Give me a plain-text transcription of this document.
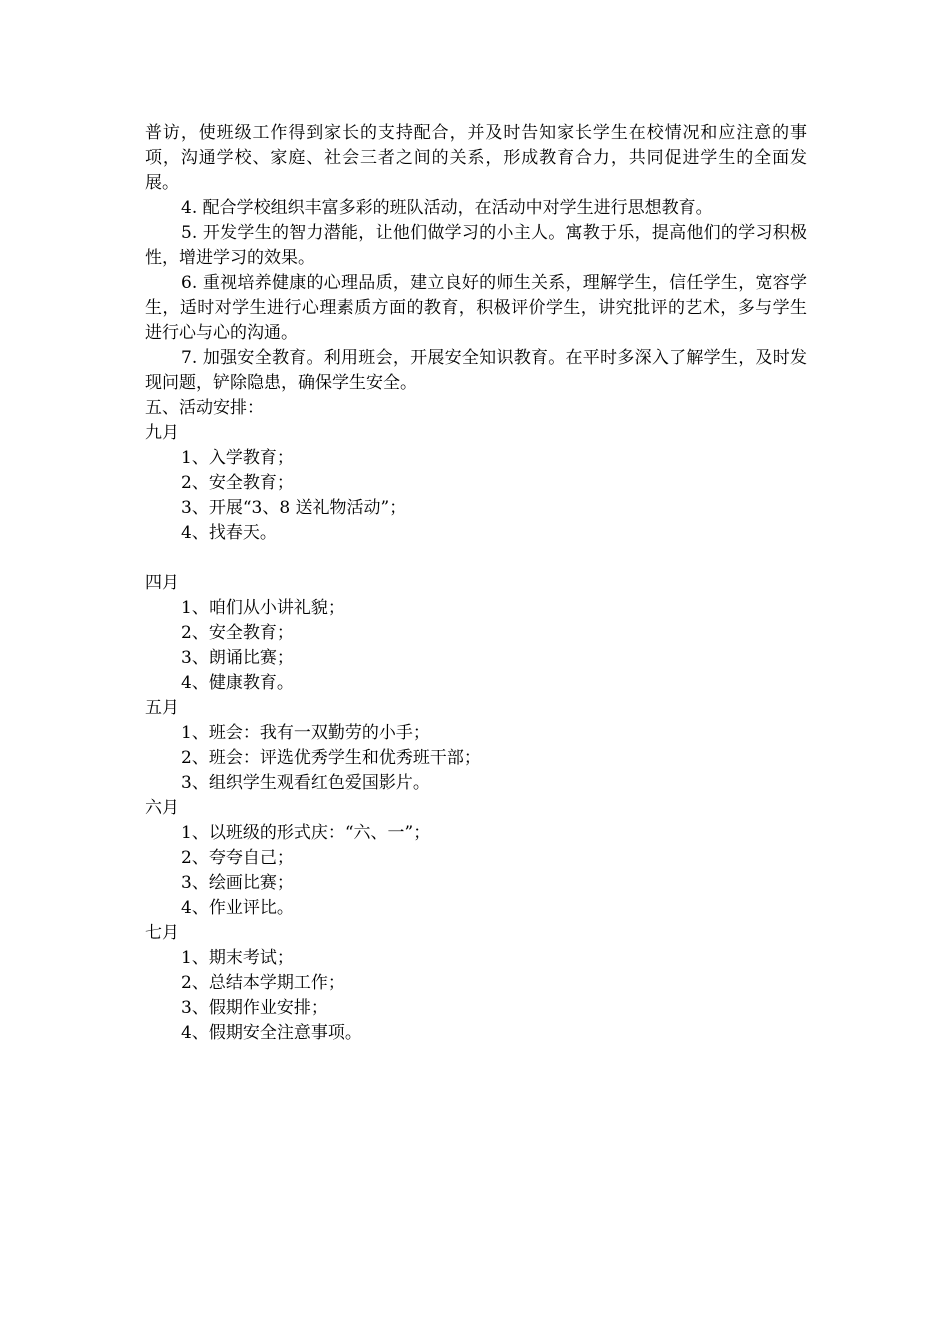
普访，使班级工作得到家长的支持配合，并及时告知家长学生在校情况和应注意的事项，沟通学校、家庭、社会三者之间的关系，形成教育合力，共同促进学生的全面发展。

4. 配合学校组织丰富多彩的班队活动，在活动中对学生进行思想教育。

5. 开发学生的智力潜能，让他们做学习的小主人。寓教于乐，提高他们的学习积极性，增进学习的效果。

6. 重视培养健康的心理品质，建立良好的师生关系，理解学生，信任学生，宽容学生，适时对学生进行心理素质方面的教育，积极评价学生，讲究批评的艺术，多与学生进行心与心的沟通。

7. 加强安全教育。利用班会，开展安全知识教育。在平时多深入了解学生，及时发现问题，铲除隐患，确保学生安全。

五、活动安排：

九月

1、入学教育；

2、安全教育；

3、开展“3、8 送礼物活动”；

4、找春天。

四月

1、咱们从小讲礼貌；

2、安全教育；

3、朗诵比赛；

4、健康教育。

五月

1、班会：我有一双勤劳的小手；

2、班会：评选优秀学生和优秀班干部；

3、组织学生观看红色爱国影片。

六月

1、以班级的形式庆：“六、一”；

2、夸夸自己；

3、绘画比赛；

4、作业评比。

七月

1、期末考试；

2、总结本学期工作；

3、假期作业安排；

4、假期安全注意事项。
